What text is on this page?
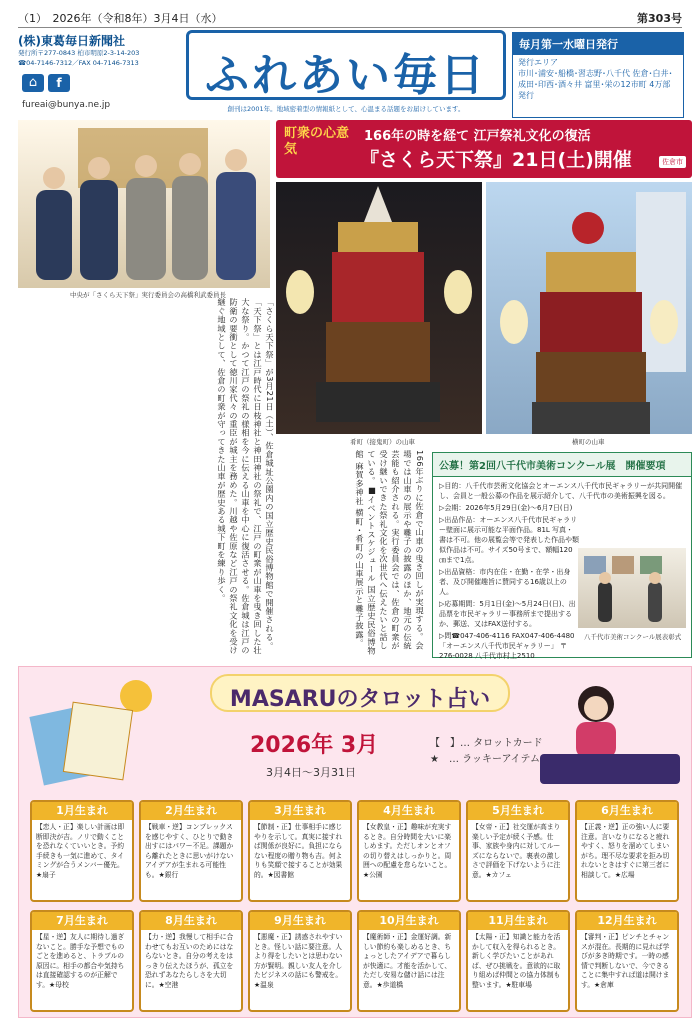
（1）　2026年（令和8年）3月4日（水）	第303号
(株)東葛毎日新聞社
発行所〒277-0843 柏市明原2-3-14-203
☎04-7146-7312／FAX 04-7146-7313
⌂	f
fureai@bunya.ne.jp
ふれあい毎日
創刊は2001年。地域密着型の情報紙として、心温まる話題をお届けしています。
毎月第一水曜日発行
発行エリア
市川･浦安･船橋･習志野･八千代 佐倉･白井･成田･印西･酒々井 富里･栄の12市町 4万部発行
中央が「さくら天下祭」実行委員会の高橋利武委員長
町衆の心意気
166年の時を経て 江戸祭礼文化の復活
『さくら天下祭』21日(土)開催	佐倉市
肴町（接鬼町）の山車	横町の山車
「さくら天下祭」が3月21日（土）、佐倉城址公園内の国立歴史民俗博物館で開催される。「天下祭」とは江戸時代に日枝神社と神田神社の祭礼で、江戸の町衆が山車を曳き回した壮大な祭り。かつて江戸の祭礼の様相を今に伝える山車を中心に復活させる。佐倉城は江戸の防衛の要衝として徳川家代々の重臣が城主を務めた。川越や佐原など江戸の祭礼文化を受け継ぐ地域として、佐倉の町衆が守ってきた山車が歴史ある城下町を練り歩く。	166年ぶりに佐倉で山車の曳き回しが実現する。会場では山車の展示や囃子の披露のほか、地元の伝統芸能も紹介される。実行委員会では、佐倉の町衆が受け継いできた祭礼文化を次世代へ伝えたいと話している。■イベントスケジュール 国立歴史民俗博物館 麻賀多神社 横町・肴町の山車展示と囃子披露。	公募！第2回八千代市美術コンクール展　開催要項

▷目的：八千代市芸術文化協会とオーエンス八千代市民ギャラリーが共同開催し、会員と一般公募の作品を展示紹介して、八千代市の美術振興を図る。

▷会期：2026年5月29日(金)〜6月7日(日)

▷出品作品：オーエンス八千代市民ギャラリー壁面に展示可能な平面作品。81L 写真・書は不可。他の展覧会等で発表した作品や類似作品は不可。サイズ50号まで、額幅120㎝まで1点。

▷出品資格：市内在住・在勤・在学・出身者、及び開催趣旨に賛同する16歳以上の人。

▷応募期間：5月1日(金)〜5月24日(日)、出品票を市民ギャラリー事務所まで提出するか、郵送、又はFAX送付する。

▷問☎047-406-4116 FAX047-406-4480 「オーエンス八千代市民ギャラリー」 〒276-0028 八千代市村上2510

八千代市美術コンクール展表彰式
MASARUのタロット占い
2026年 3月
3月4日〜3月31日
【　】… タロットカード
★　… ラッキーアイテム
1月生まれ
【恋人・正】楽しい計画は即断即決が吉。ノリで動くことを恐れなくていいとき。予約手続きも一気に進めて、タイミングが合うメンバー優先。★扇子
2月生まれ
【戦車・逆】コンプレックスを感じやすく、ひとりで動き出すにはパワー不足。課題から離れたときに思いがけないアイデアが生まれる可能性も。★銀行
3月生まれ
【節制・正】仕事相手に感じやりを示して。真実に接すれば関係が良好に。負担にならない程度の贈り物も吉。何よりも笑顔で接することが効果的。★図書館
4月生まれ
【女教皇・正】趣味が充実するとき。自分時間を大いに楽しめます。ただしオンとオフの切り替えはしっかりと。周囲への配慮を怠らないこと。★公園
5月生まれ
【女帝・正】社交運が高まり楽しい予定が続く予感。仕事、家族や身内に対してルーズにならないで。裏表の激しさで評価を下げないように注意。★カフェ
6月生まれ
【正義・逆】正の強い人に要注意。言いなりになると疲れやすく、怒りを溜めてしまいがち。理不尽な要求を拒み切れないときはすぐに第三者に相談して。★広場
7月生まれ
【星・逆】友人に期待し過ぎないこと。勝手な予想でものごとを進めると、トラブルの原因に。相手の都合や気持ちは直接確認するのが正解です。★母校
8月生まれ
【力・逆】我慢して相手に合わせてもお互いのためにはならないとき。自分の考えをはっきり伝えたほうが、孤立を恐れずあなたらしさを大切に。★空港
9月生まれ
【悪魔・正】誘惑されやすいとき。怪しい話に要注意。人より得をしたいとは思わない方が賢明。親しい友人を介したビジネスの話にも警戒を。★温泉
10月生まれ
【魔術師・正】金運好調。新しい節約も楽しめるとき、ちょっとしたアイデアで暮らしが快適に。才能を活かして、ただし安易な儲け話には注意。★歩道橋
11月生まれ
【太陽・正】知識と能力を活かして収入を得られるとき。新しく学びたいことがあれば、ぜひ挑戦を。意欲的に取り組めば仲間との協力体制も整います。★駐車場
12月生まれ
【審判・正】ピンチとチャンスが混在。長期的に見れば学びが多き時期です。一時の感情で判断しないで、今できることに集中すれば道は開けます。★倉庫
